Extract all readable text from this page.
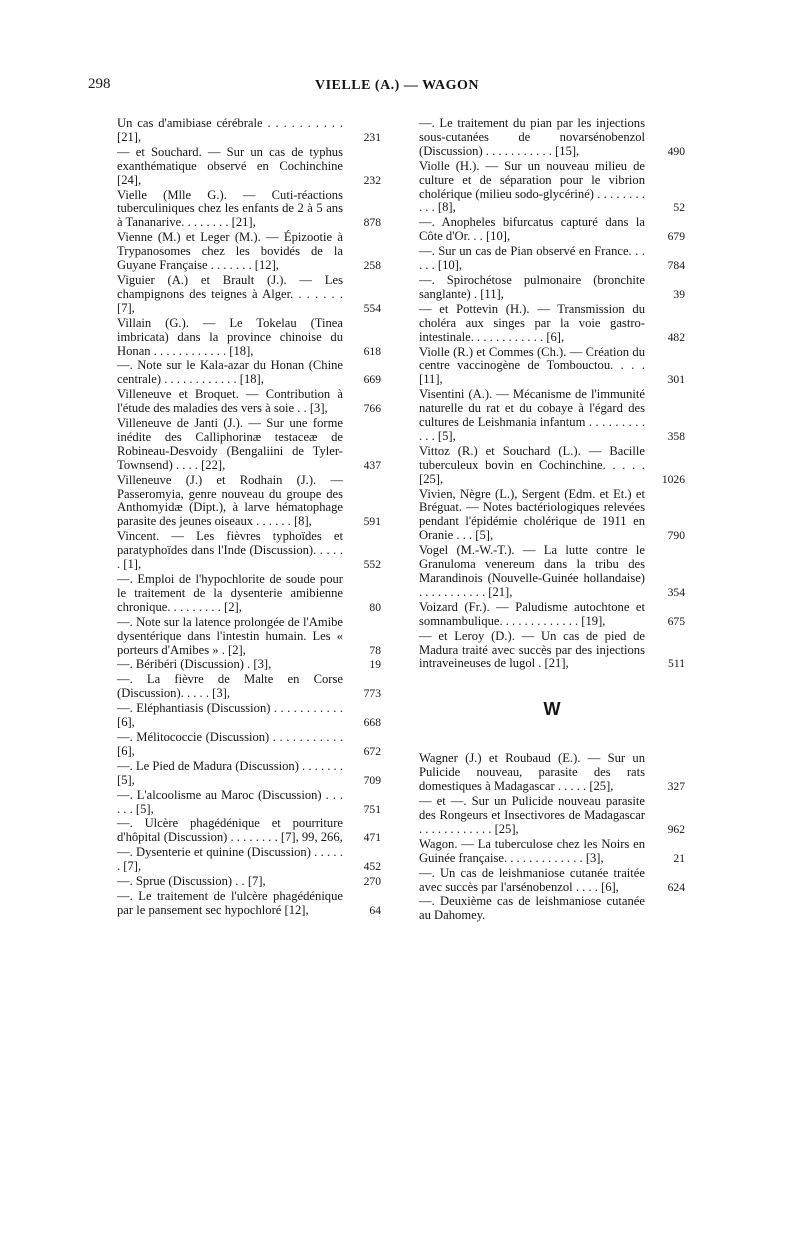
298	VIELLE (A.) — WAGON
Un cas d'amibiase cérébrale . . . . . . . . . . [21],	231
— et Souchard. — Sur un cas de typhus exanthématique observé en Cochinchine [24],	232
Vielle (Mlle G.). — Cuti-réactions tuberculiniques chez les enfants de 2 à 5 ans à Tananarive. . . . . . . . [21],	878
Vienne (M.) et Leger (M.). — Épizootie à Trypanosomes chez les bovidés de la Guyane Française . . . . . . . [12],	258
Viguier (A.) et Brault (J.). — Les champignons des teignes à Alger. . . . . . . [7],	554
Villain (G.). — Le Tokelau (Tinea imbricata) dans la province chinoise du Honan . . . . . . . . . . . . [18],	618
—. Note sur le Kala-azar du Honan (Chine centrale) . . . . . . . . . . . . [18],	669
Villeneuve et Broquet. — Contribution à l'étude des maladies des vers à soie . . [3],	766
Villeneuve de Janti (J.). — Sur une forme inédite des Calliphorinæ testaceæ de Robineau-Desvoidy (Bengaliini de Tyler-Townsend) . . . . [22],	437
Villeneuve (J.) et Rodhain (J.). — Passeromyia, genre nouveau du groupe des Anthomyidæ (Dipt.), à larve hématophage parasite des jeunes oiseaux . . . . . . [8],	591
Vincent. — Les fièvres typhoïdes et paratyphoïdes dans l'Inde (Discussion). . . . . . [1],	552
—. Emploi de l'hypochlorite de soude pour le traitement de la dysenterie amibienne chronique. . . . . . . . . [2],	80
—. Note sur la latence prolongée de l'Amibe dysentérique dans l'intestin humain. Les « porteurs d'Amibes » . [2],	78
—. Béribéri (Discussion) . [3],	19
—. La fièvre de Malte en Corse (Discussion). . . . . [3],	773
—. Eléphantiasis (Discussion) . . . . . . . . . . . [6],	668
—. Mélitococcie (Discussion) . . . . . . . . . . . [6],	672
—. Le Pied de Madura (Discussion) . . . . . . . [5],	709
—. L'alcoolisme au Maroc (Discussion) . . . . . . [5],	751
—. Ulcère phagédénique et pourriture d'hôpital (Discussion) . . . . . . . . [7], 99, 266,	471
—. Dysenterie et quinine (Discussion) . . . . . . [7],	452
—. Sprue (Discussion) . . [7],	270
—. Le traitement de l'ulcère phagédénique par le pansement sec hypochloré [12],	64
—. Le traitement du pian par les injections sous-cutanées de novarsénobenzol (Discussion) . . . . . . . . . . . [15],	490
Violle (H.). — Sur un nouveau milieu de culture et de séparation pour le vibrion cholérique (milieu sodo-glycériné) . . . . . . . . . . . [8],	52
—. Anopheles bifurcatus capturé dans la Côte d'Or. . . [10],	679
—. Sur un cas de Pian observé en France. . . . . . [10],	784
—. Spirochétose pulmonaire (bronchite sanglante) . [11],	39
— et Pottevin (H.). — Transmission du choléra aux singes par la voie gastro-intestinale. . . . . . . . . . . . [6],	482
Violle (R.) et Commes (Ch.). — Création du centre vaccinogène de Tombouctou. . . . [11],	301
Visentini (A.). — Mécanisme de l'immunité naturelle du rat et du cobaye à l'égard des cultures de Leishmania infantum . . . . . . . . . . . . [5],	358
Vittoz (R.) et Souchard (L.). — Bacille tuberculeux bovin en Cochinchine. . . . . [25],	1026
Vivien, Nègre (L.), Sergent (Edm. et Et.) et Bréguat. — Notes bactériologiques relevées pendant l'épidémie cholérique de 1911 en Oranie . . . [5],	790
Vogel (M.-W.-T.). — La lutte contre le Granuloma venereum dans la tribu des Marandinois (Nouvelle-Guinée hollandaise) . . . . . . . . . . . [21],	354
Voizard (Fr.). — Paludisme autochtone et somnambulique. . . . . . . . . . . . . [19],	675
— et Leroy (D.). — Un cas de pied de Madura traité avec succès par des injections intraveineuses de lugol . [21],	511
W
Wagner (J.) et Roubaud (E.). — Sur un Pulicide nouveau, parasite des rats domestiques à Madagascar . . . . . [25],	327
— et —. Sur un Pulicide nouveau parasite des Rongeurs et Insectivores de Madagascar . . . . . . . . . . . . [25],	962
Wagon. — La tuberculose chez les Noirs en Guinée française. . . . . . . . . . . . . [3],	21
—. Un cas de leishmaniose cutanée traitée avec succès par l'arsénobenzol . . . . [6],	624
—. Deuxième cas de leishmaniose cutanée au Dahomey.
